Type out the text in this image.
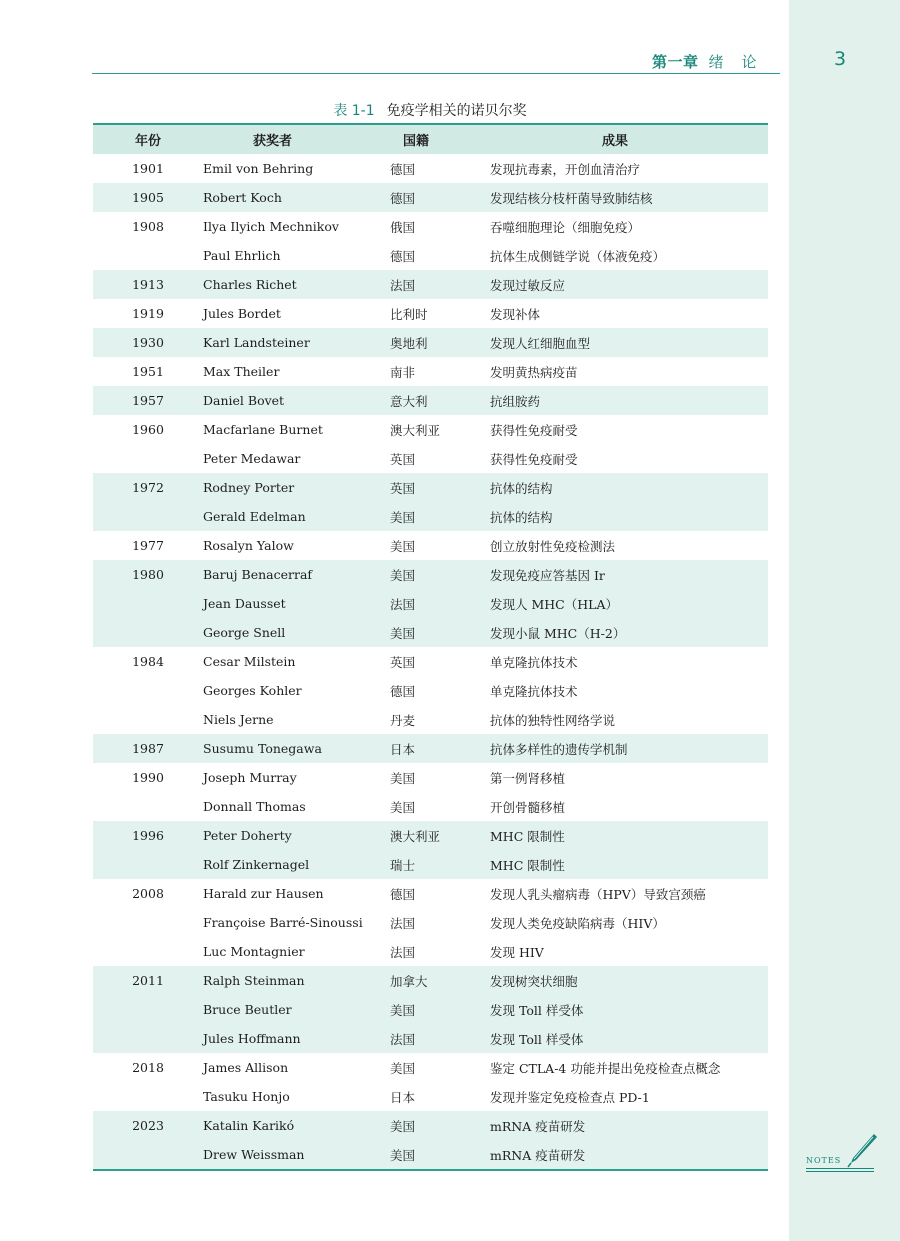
第一章 绪论	3
表 1-1 免疫学相关的诺贝尔奖
年份	获奖者	国籍	成果
1901	Emil von Behring	德国	发现抗毒素，开创血清治疗
1905	Robert Koch	德国	发现结核分枝杆菌导致肺结核
1908	Ilya Ilyich Mechnikov	俄国	吞噬细胞理论（细胞免疫）
	Paul Ehrlich	德国	抗体生成侧链学说（体液免疫）
1913	Charles Richet	法国	发现过敏反应
1919	Jules Bordet	比利时	发现补体
1930	Karl Landsteiner	奥地利	发现人红细胞血型
1951	Max Theiler	南非	发明黄热病疫苗
1957	Daniel Bovet	意大利	抗组胺药
1960	Macfarlane Burnet	澳大利亚	获得性免疫耐受
	Peter Medawar	英国	获得性免疫耐受
1972	Rodney Porter	英国	抗体的结构
	Gerald Edelman	美国	抗体的结构
1977	Rosalyn Yalow	美国	创立放射性免疫检测法
1980	Baruj Benacerraf	美国	发现免疫应答基因 Ir
	Jean Dausset	法国	发现人 MHC（HLA）
	George Snell	美国	发现小鼠 MHC（H-2）
1984	Cesar Milstein	英国	单克隆抗体技术
	Georges Kohler	德国	单克隆抗体技术
	Niels Jerne	丹麦	抗体的独特性网络学说
1987	Susumu Tonegawa	日本	抗体多样性的遗传学机制
1990	Joseph Murray	美国	第一例肾移植
	Donnall Thomas	美国	开创骨髓移植
1996	Peter Doherty	澳大利亚	MHC 限制性
	Rolf Zinkernagel	瑞士	MHC 限制性
2008	Harald zur Hausen	德国	发现人乳头瘤病毒（HPV）导致宫颈癌
	Françoise Barré-Sinoussi	法国	发现人类免疫缺陷病毒（HIV）
	Luc Montagnier	法国	发现 HIV
2011	Ralph Steinman	加拿大	发现树突状细胞
	Bruce Beutler	美国	发现 Toll 样受体
	Jules Hoffmann	法国	发现 Toll 样受体
2018	James Allison	美国	鉴定 CTLA-4 功能并提出免疫检查点概念
	Tasuku Honjo	日本	发现并鉴定免疫检查点 PD-1
2023	Katalin Karikó	美国	mRNA 疫苗研发
	Drew Weissman	美国	mRNA 疫苗研发	NOTES
